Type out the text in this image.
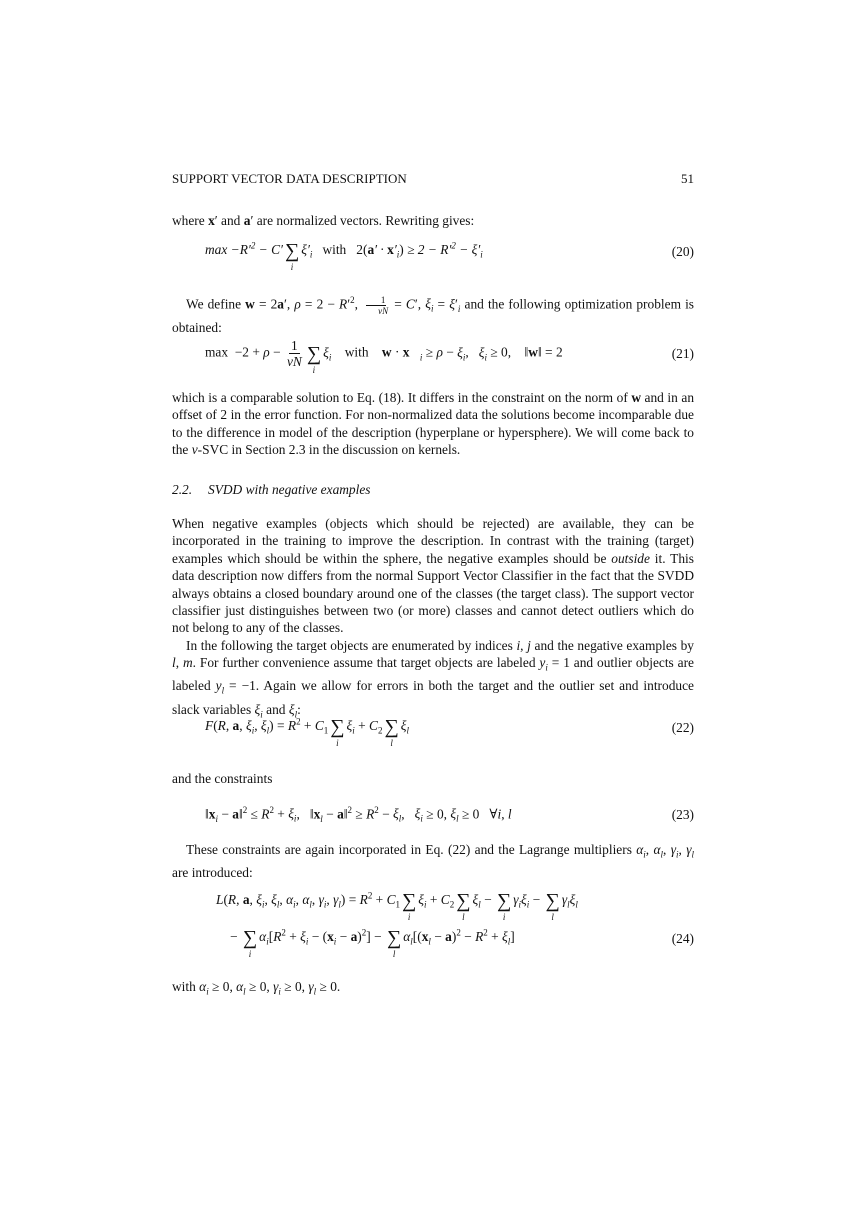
SUPPORT VECTOR DATA DESCRIPTION	51

where x′ and a′ are normalized vectors. Rewriting gives:

$\max -R'^2 - C'$ ∑
i
$\xi'_i$ with $2(a' \cdot x'_i) \ge 2 - R'^2 - \xi'_i$	(20)

We define w = 2a′, $\rho = 2 - R'^2$, $\frac{1}{\nu N} = C'$, $\xi_i = \xi'_i$ and the following optimization problem is obtained:

$\max -2 + \rho - \frac{1}{\nu N}$ ∑
i
$\xi_i$    with    $w \cdot x⃗_i \ge \rho - \xi_i$,   $\xi_i \ge 0$,    ‖w‖ = 2	(21)

which is a comparable solution to Eq. (18). It differs in the constraint on the norm of w and in an offset of 2 in the error function. For non-normalized data the solutions become incomparable due to the difference in model of the description (hyperplane or hypersphere). We will come back to the ν-SVC in Section 2.3 in the discussion on kernels.

2.2. SVDD with negative examples

When negative examples (objects which should be rejected) are available, they can be incorporated in the training to improve the description. In contrast with the training (target) examples which should be within the sphere, the negative examples should be outside it. This data description now differs from the normal Support Vector Classifier in the fact that the SVDD always obtains a closed boundary around one of the classes (the target class). The support vector classifier just distinguishes between two (or more) classes and cannot detect outliers which do not belong to any of the classes.

In the following the target objects are enumerated by indices i, j and the negative examples by l, m. For further convenience assume that target objects are labeled $y_i = 1$ and outlier objects are labeled $y_l = -1$. Again we allow for errors in both the target and the outlier set and introduce slack variables $\xi_i$ and $\xi_l$:

F(R, a, $\xi_i$, $\xi_l) = R^2 + C_1$ ∑
i
$\xi_i + C_2$ ∑
l
$\xi_l$	(22)

and the constraints

$‖x_i$ − a‖$^2$ ≤ $R^2 + \xi_i$,   $‖x_l$ − a‖$^2$ ≥ $R^2 - \xi_l$,   $\xi_i \ge 0$, $\xi_l \ge 0$   ∀i, l	(23)

These constraints are again incorporated in Eq. (22) and the Lagrange multipliers $\alpha_i$, $\alpha_l$, $\gamma_i$, $\gamma_l$ are introduced:

L(R, a, $\xi_i$, $\xi_l$, $\alpha_i$, $\alpha_l$, $\gamma_i$, $\gamma_l) = R^2 + C_1$ ∑
i
$\xi_i + C_2$ ∑
l
$\xi_l$ − ∑
i
$\gamma_i\xi_i$ − ∑
l
$\gamma_l\xi_l$
− ∑
i
$\alpha_i[R^2 + \xi_i - (x_i - a)^2]$ − ∑
l
$\alpha_l[(x_l - a)^2 - R^2 + \xi_l]$	(24)

with $\alpha_i \ge 0$, $\alpha_l \ge 0$, $\gamma_i \ge 0$, $\gamma_l \ge 0$.
